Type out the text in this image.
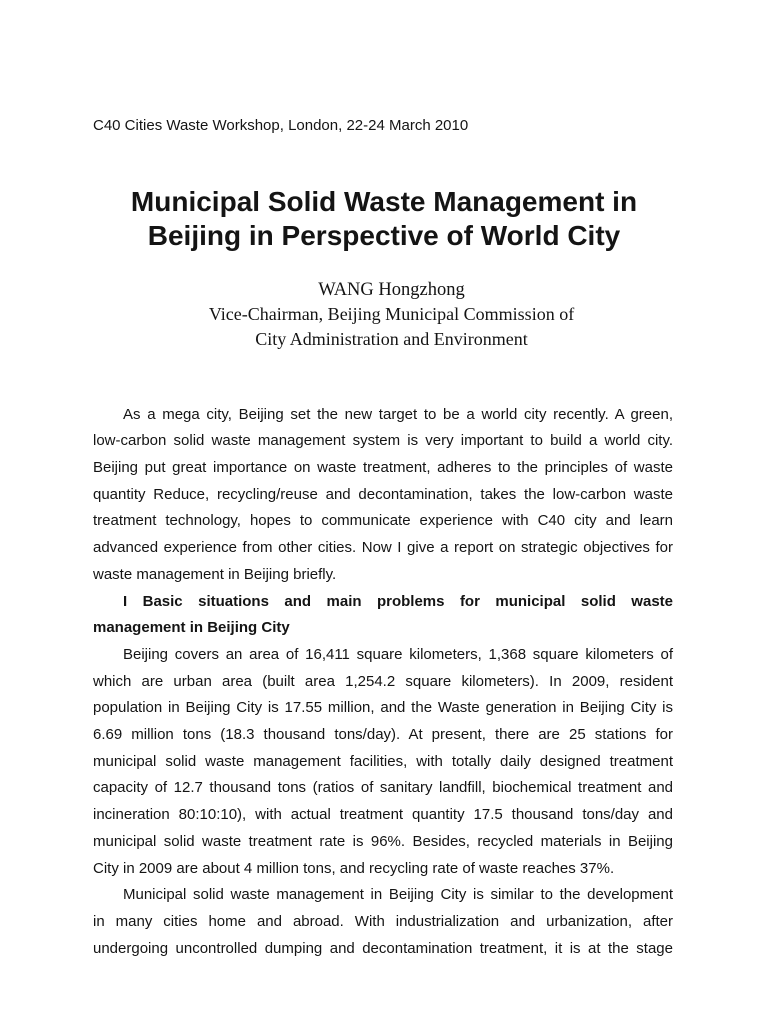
C40 Cities Waste Workshop, London, 22-24 March 2010
Municipal Solid Waste Management in
Beijing in Perspective of World City
WANG Hongzhong
Vice-Chairman, Beijing Municipal Commission of
City Administration and Environment
As a mega city, Beijing set the new target to be a world city recently. A green,
low-carbon solid waste management system is very important to build a world city.
Beijing put great importance on waste treatment, adheres to the principles of waste
quantity Reduce, recycling/reuse and decontamination, takes the low-carbon waste
treatment technology, hopes to communicate experience with C40 city and learn
advanced experience from other cities. Now I give a report on strategic objectives for
waste management in Beijing briefly.
I Basic situations and main problems for municipal solid waste
management in Beijing City
Beijing covers an area of 16,411 square kilometers, 1,368 square kilometers of
which are urban area (built area 1,254.2 square kilometers). In 2009, resident
population in Beijing City is 17.55 million, and the Waste generation in Beijing City is
6.69 million tons (18.3 thousand tons/day). At present, there are 25 stations for
municipal solid waste management facilities, with totally daily designed treatment
capacity of 12.7 thousand tons (ratios of sanitary landfill, biochemical treatment and
incineration 80:10:10), with actual treatment quantity 17.5 thousand tons/day and
municipal solid waste treatment rate is 96%. Besides, recycled materials in Beijing
City in 2009 are about 4 million tons, and recycling rate of waste reaches 37%.
Municipal solid waste management in Beijing City is similar to the development
in many cities home and abroad. With industrialization and urbanization, after
undergoing uncontrolled dumping and decontamination treatment, it is at the stage
